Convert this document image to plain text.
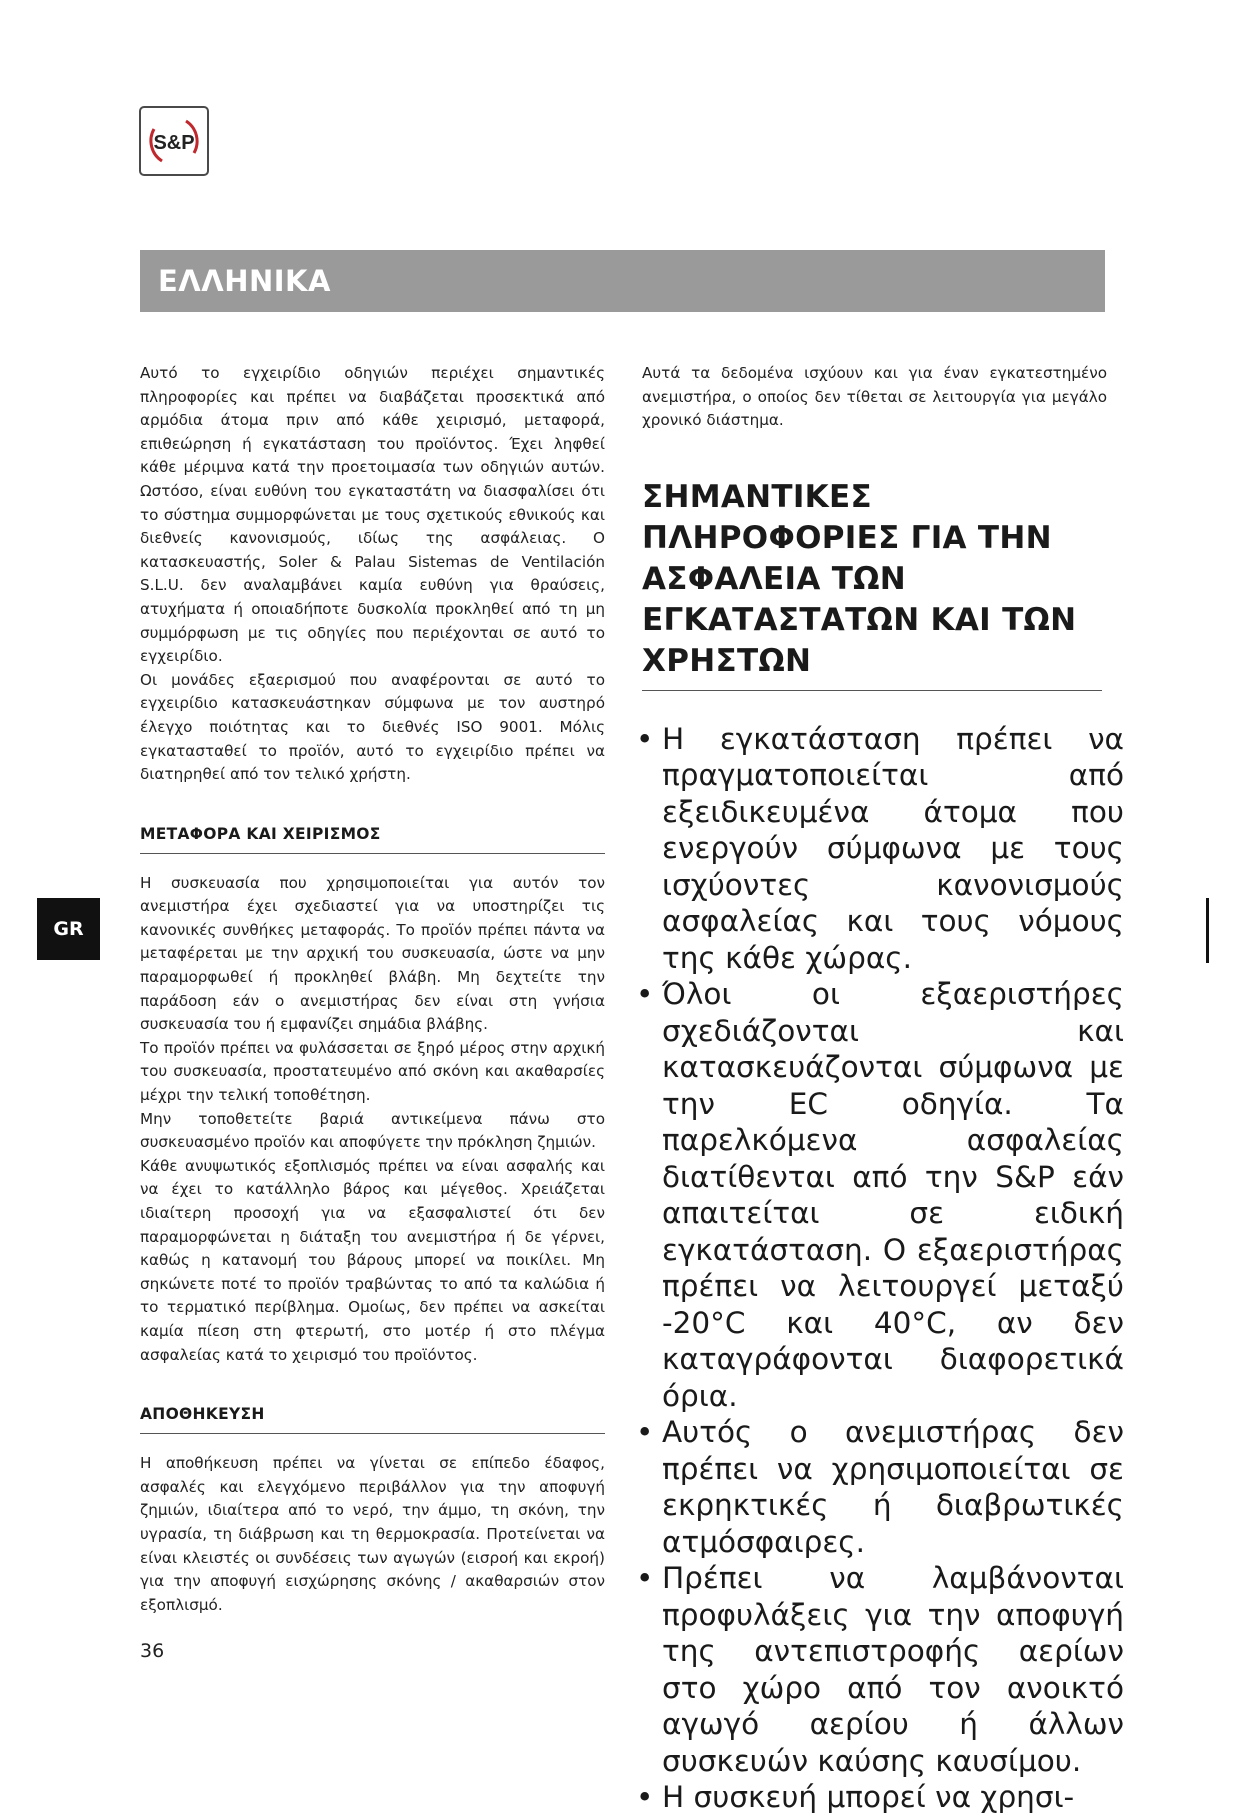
S&P
ΕΛΛΗΝΙΚΑ
GR

Αυτό το εγχειρίδιο οδηγιών περιέχει σημαντικές πληροφορίες και πρέπει να διαβάζεται προσεκτικά από αρμόδια άτομα πριν από κάθε χειρισμό, μεταφορά, επιθεώρηση ή εγκατάσταση του προϊόντος. Έχει ληφθεί κάθε μέριμνα κατά την προετοιμασία των οδηγιών αυτών. Ωστόσο, είναι ευθύνη του εγκαταστάτη να διασφαλίσει ότι το σύστημα συμμορφώνεται με τους σχετικούς εθνικούς και διεθνείς κανονισμούς, ιδίως της ασφάλειας. Ο κατασκευαστής, Soler & Palau Sistemas de Ventilación S.L.U. δεν αναλαμβάνει καμία ευθύνη για θραύσεις, ατυχήματα ή οποιαδήποτε δυσκολία προκληθεί από τη μη συμμόρφωση με τις οδηγίες που περιέχονται σε αυτό το εγχειρίδιο.

Οι μονάδες εξαερισμού που αναφέρονται σε αυτό το εγχειρίδιο κατασκευάστηκαν σύμφωνα με τον αυστηρό έλεγχο ποιότητας και το διεθνές ISO 9001. Μόλις εγκατασταθεί το προϊόν, αυτό το εγχειρίδιο πρέπει να διατηρηθεί από τον τελικό χρήστη.

ΜΕΤΑΦΟΡΑ ΚΑΙ ΧΕΙΡΙΣΜΟΣ

Η συσκευασία που χρησιμοποιείται για αυτόν τον ανεμιστήρα έχει σχεδιαστεί για να υποστηρίζει τις κανονικές συνθήκες μεταφοράς. Το προϊόν πρέπει πάντα να μεταφέρεται με την αρχική του συσκευασία, ώστε να μην παραμορφωθεί ή προκληθεί βλάβη. Μη δεχτείτε την παράδοση εάν ο ανεμιστήρας δεν είναι στη γνήσια συσκευασία του ή εμφανίζει σημάδια βλάβης.

Το προϊόν πρέπει να φυλάσσεται σε ξηρό μέρος στην αρχική του συσκευασία, προστατευμένο από σκόνη και ακαθαρσίες μέχρι την τελική τοποθέτηση.

Μην τοποθετείτε βαριά αντικείμενα πάνω στο συσκευασμένο προϊόν και αποφύγετε την πρόκληση ζημιών.

Κάθε ανυψωτικός εξοπλισμός πρέπει να είναι ασφαλής και να έχει το κατάλληλο βάρος και μέγεθος. Χρειάζεται ιδιαίτερη προσοχή για να εξασφαλιστεί ότι δεν παραμορφώνεται η διάταξη του ανεμιστήρα ή δε γέρνει, καθώς η κατανομή του βάρους μπορεί να ποικίλει. Μη σηκώνετε ποτέ το προϊόν τραβώντας το από τα καλώδια ή το τερματικό περίβλημα. Ομοίως, δεν πρέπει να ασκείται καμία πίεση στη φτερωτή, στο μοτέρ ή στο πλέγμα ασφαλείας κατά το χειρισμό του προϊόντος.

ΑΠΟΘΗΚΕΥΣΗ

Η αποθήκευση πρέπει να γίνεται σε επίπεδο έδαφος, ασφαλές και ελεγχόμενο περιβάλλον για την αποφυγή ζημιών, ιδιαίτερα από το νερό, την άμμο, τη σκόνη, την υγρασία, τη διάβρωση και τη θερμοκρασία. Προτείνεται να είναι κλειστές οι συνδέσεις των αγωγών (εισροή και εκροή) για την αποφυγή εισχώρησης σκόνης / ακαθαρσιών στον εξοπλισμό.

Αυτά τα δεδομένα ισχύουν και για έναν εγκατεστημένο ανεμιστήρα, ο οποίος δεν τίθεται σε λειτουργία για μεγάλο χρονικό διάστημα.

ΣΗΜΑΝΤΙΚΕΣ ΠΛΗΡΟΦΟΡΙΕΣ ΓΙΑ ΤΗΝ ΑΣΦΑΛΕΙΑ ΤΩΝ ΕΓΚΑΤΑΣΤΑΤΩΝ ΚΑΙ ΤΩΝ ΧΡΗΣΤΩΝ
• Η εγκατάσταση πρέπει να πραγματοποιείται από εξειδικευμένα άτομα που ενεργούν σύμφωνα με τους ισχύοντες κανονισμούς ασφαλείας και τους νόμους της κάθε χώρας.
• Όλοι οι εξαεριστήρες σχεδιάζονται και κατασκευάζονται σύμφωνα με την EC οδηγία. Τα παρελκόμενα ασφαλείας διατίθενται από την S&P εάν απαιτείται σε ειδική εγκατάσταση. Ο εξαεριστήρας πρέπει να λειτουργεί μεταξύ -20°C και 40°C, αν δεν καταγράφονται διαφορετικά όρια.
• Αυτός ο ανεμιστήρας δεν πρέπει να χρησιμοποιείται σε εκρηκτικές ή διαβρωτικές ατμόσφαιρες.
• Πρέπει να λαμβάνονται προφυλάξεις για την αποφυγή της αντεπιστροφής αερίων στο χώρο από τον ανοικτό αγωγό αερίου ή άλλων συσκευών καύσης καυσίμου.
• Η συσκευή μπορεί να χρησι-
36
